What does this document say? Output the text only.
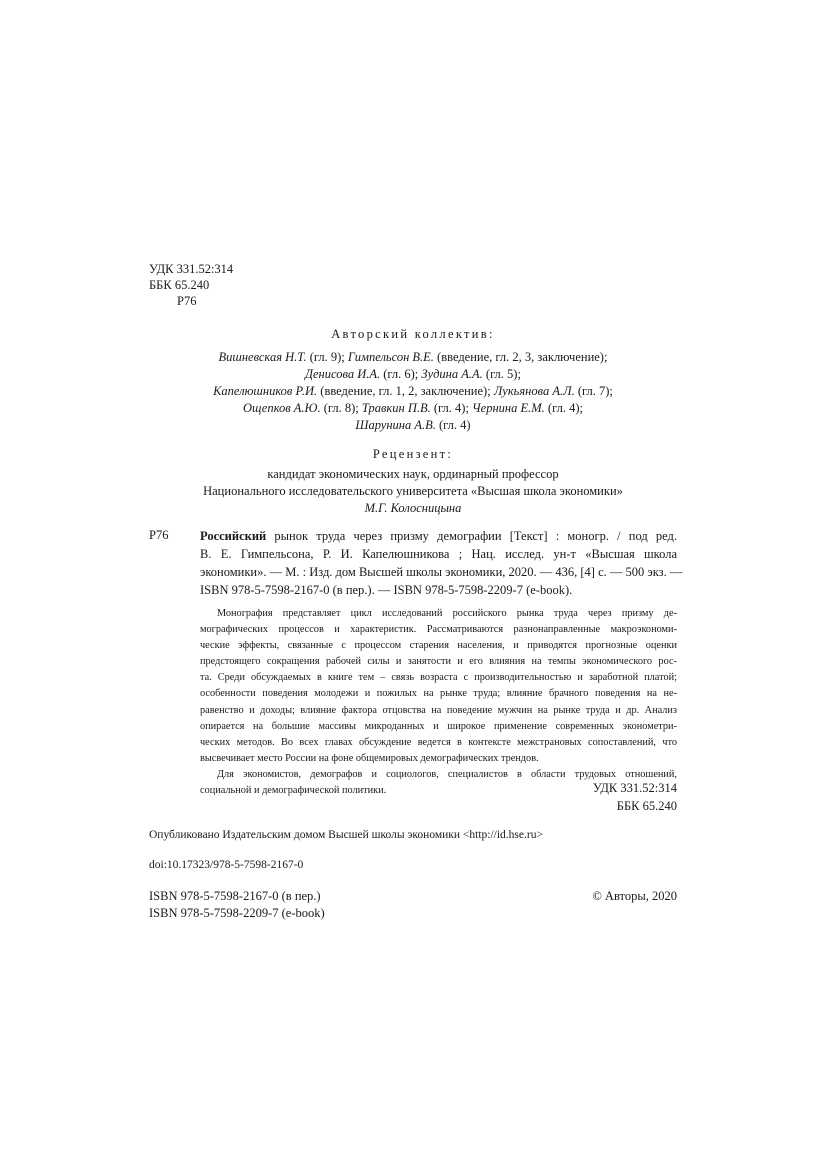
УДК 331.52:314
ББК 65.240
Р76
Авторский коллектив:
Вишневская Н.Т. (гл. 9); Гимпельсон В.Е. (введение, гл. 2, 3, заключение);
Денисова И.А. (гл. 6); Зудина А.А. (гл. 5);
Капелюшников Р.И. (введение, гл. 1, 2, заключение); Лукьянова А.Л. (гл. 7);
Ощепков А.Ю. (гл. 8); Травкин П.В. (гл. 4); Чернина Е.М. (гл. 4);
Шарунина А.В. (гл. 4)
Рецензент:
кандидат экономических наук, ординарный профессор
Национального исследовательского университета «Высшая школа экономики»
М.Г. Колосницына
Р76	Российский рынок труда через призму демографии [Текст] : моногр. / под ред.
В. Е. Гимпельсона, Р. И. Капелюшникова ; Нац. исслед. ун-т «Высшая школа
экономики». — М. : Изд. дом Высшей школы экономики, 2020. — 436, [4] с. — 500 экз. —
ISBN 978-5-7598-2167-0 (в пер.). — ISBN 978-5-7598-2209-7 (e-book).
Монография представляет цикл исследований российского рынка труда через призму де-
мографических процессов и характеристик. Рассматриваются разнонаправленные макроэкономи-
ческие эффекты, связанные с процессом старения населения, и приводятся прогнозные оценки
предстоящего сокращения рабочей силы и занятости и его влияния на темпы экономического рос-
та. Среди обсуждаемых в книге тем – связь возраста с производительностью и заработной платой;
особенности поведения молодежи и пожилых на рынке труда; влияние брачного поведения на не-
равенство и доходы; влияние фактора отцовства на поведение мужчин на рынке труда и др. Анализ
опирается на большие массивы микроданных и широкое применение современных эконометри-
ческих методов. Во всех главах обсуждение ведется в контексте межстрановых сопоставлений, что
высвечивает место России на фоне общемировых демографических трендов.
Для экономистов, демографов и социологов, специалистов в области трудовых отношений,
социальной и демографической политики.	УДК 331.52:314
ББК 65.240
Опубликовано Издательским домом Высшей школы экономики <http://id.hse.ru>
doi:10.17323/978-5-7598-2167-0
ISBN 978-5-7598-2167-0 (в пер.)
ISBN 978-5-7598-2209-7 (e-book)
© Авторы, 2020
